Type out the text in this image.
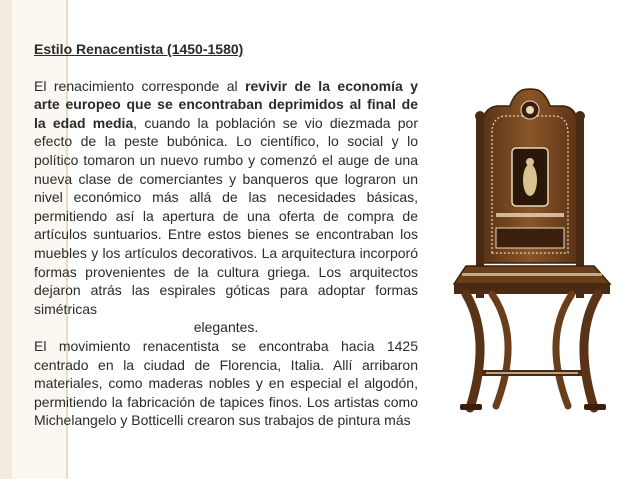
Estilo Renacentista (1450-1580)

El renacimiento corresponde al revivir de la economía y arte europeo que se encontraban deprimidos al final de la edad media, cuando la población se vio diezmada por efecto de la peste bubónica. Lo científico, lo social y lo político tomaron un nuevo rumbo y comenzó el auge de una nueva clase de comerciantes y banqueros que lograron un nivel económico más allá de las necesidades básicas, permitiendo así la apertura de una oferta de compra de artículos suntuarios. Entre estos bienes se encontraban los muebles y los artículos decorativos. La arquitectura incorporó formas provenientes de la cultura griega. Los arquitectos dejaron atrás las espirales góticas para adoptar formas simétricas

elegantes.

El movimiento renacentista se encontraba hacia 1425 centrado en la ciudad de Florencia, Italia. Allí arribaron materiales, como maderas nobles y en especial el algodón, permitiendo la fabricación de tapices finos. Los artistas como Michelangelo y Botticelli crearon sus trabajos de pintura más
